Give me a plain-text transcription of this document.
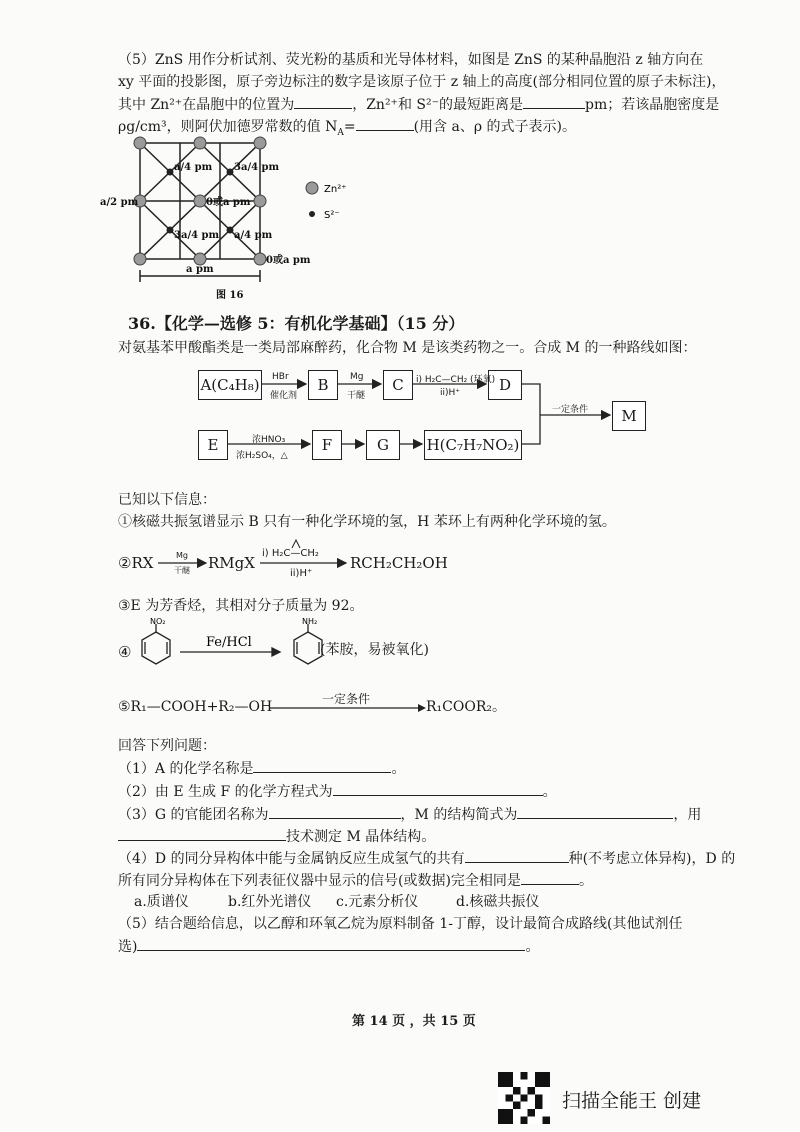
（5）ZnS 用作分析试剂、荧光粉的基质和光导体材料，如图是 ZnS 的某种晶胞沿 z 轴方向在
xy 平面的投影图，原子旁边标注的数字是该原子位于 z 轴上的高度(部分相同位置的原子未标注)，
其中 Zn²⁺在晶胞中的位置为	，Zn²⁺和 S²⁻的最短距离是	pm；若该晶胞密度是
ρg/cm³，则阿伏加德罗常数的值 $N_A=$	(用含 a、ρ 的式子表示)。
a/4 pm 3a/4 pm
a/2 pm	0或a pm
3a/4 pm a/4 pm
0或a pm
a pm
图 16
Zn²⁺
S²⁻
36.【化学—选修 5：有机化学基础】（15 分）
对氨基苯甲酸酯类是一类局部麻醉药，化合物 M 是该类药物之一。合成 M 的一种路线如图：
A(C₄H₈)	B	C	D
M
E	F	G	H(C₇H₇NO₂)
HBr
催化剂
Mg
干醚
i) H₂C—CH₂ (环氧)
ii)H⁺
浓HNO₃
浓H₂SO₄，△
一定条件
已知以下信息：
①核磁共振氢谱显示 B 只有一种化学环境的氢，H 苯环上有两种化学环境的氢。
②RX	Mg
干醚 RMgX
i) H₂C—CH₂
ii)H⁺
RCH₂CH₂OH
③E 为芳香烃，其相对分子质量为 92。
④
NO₂	NH₂
Fe/HCl	(苯胺，易被氧化)
⑤R₁—COOH+R₂—OH	一定条件	R₁COOR₂。
回答下列问题：
（1）A 的化学名称是	。
（2）由 E 生成 F 的化学方程式为	。
（3）G 的官能团名称为	，M 的结构简式为	，用
技术测定 M 晶体结构。
（4）D 的同分异构体中能与金属钠反应生成氢气的共有	种(不考虑立体异构)，D 的
所有同分异构体在下列表征仪器中显示的信号(或数据)完全相同是	。
a.质谱仪	b.红外光谱仪 c.元素分析仪	d.核磁共振仪
（5）结合题给信息，以乙醇和环氧乙烷为原料制备 1-丁醇，设计最简合成路线(其他试剂任
选)	。
第 14 页 ，共 15 页
扫描全能王 创建
